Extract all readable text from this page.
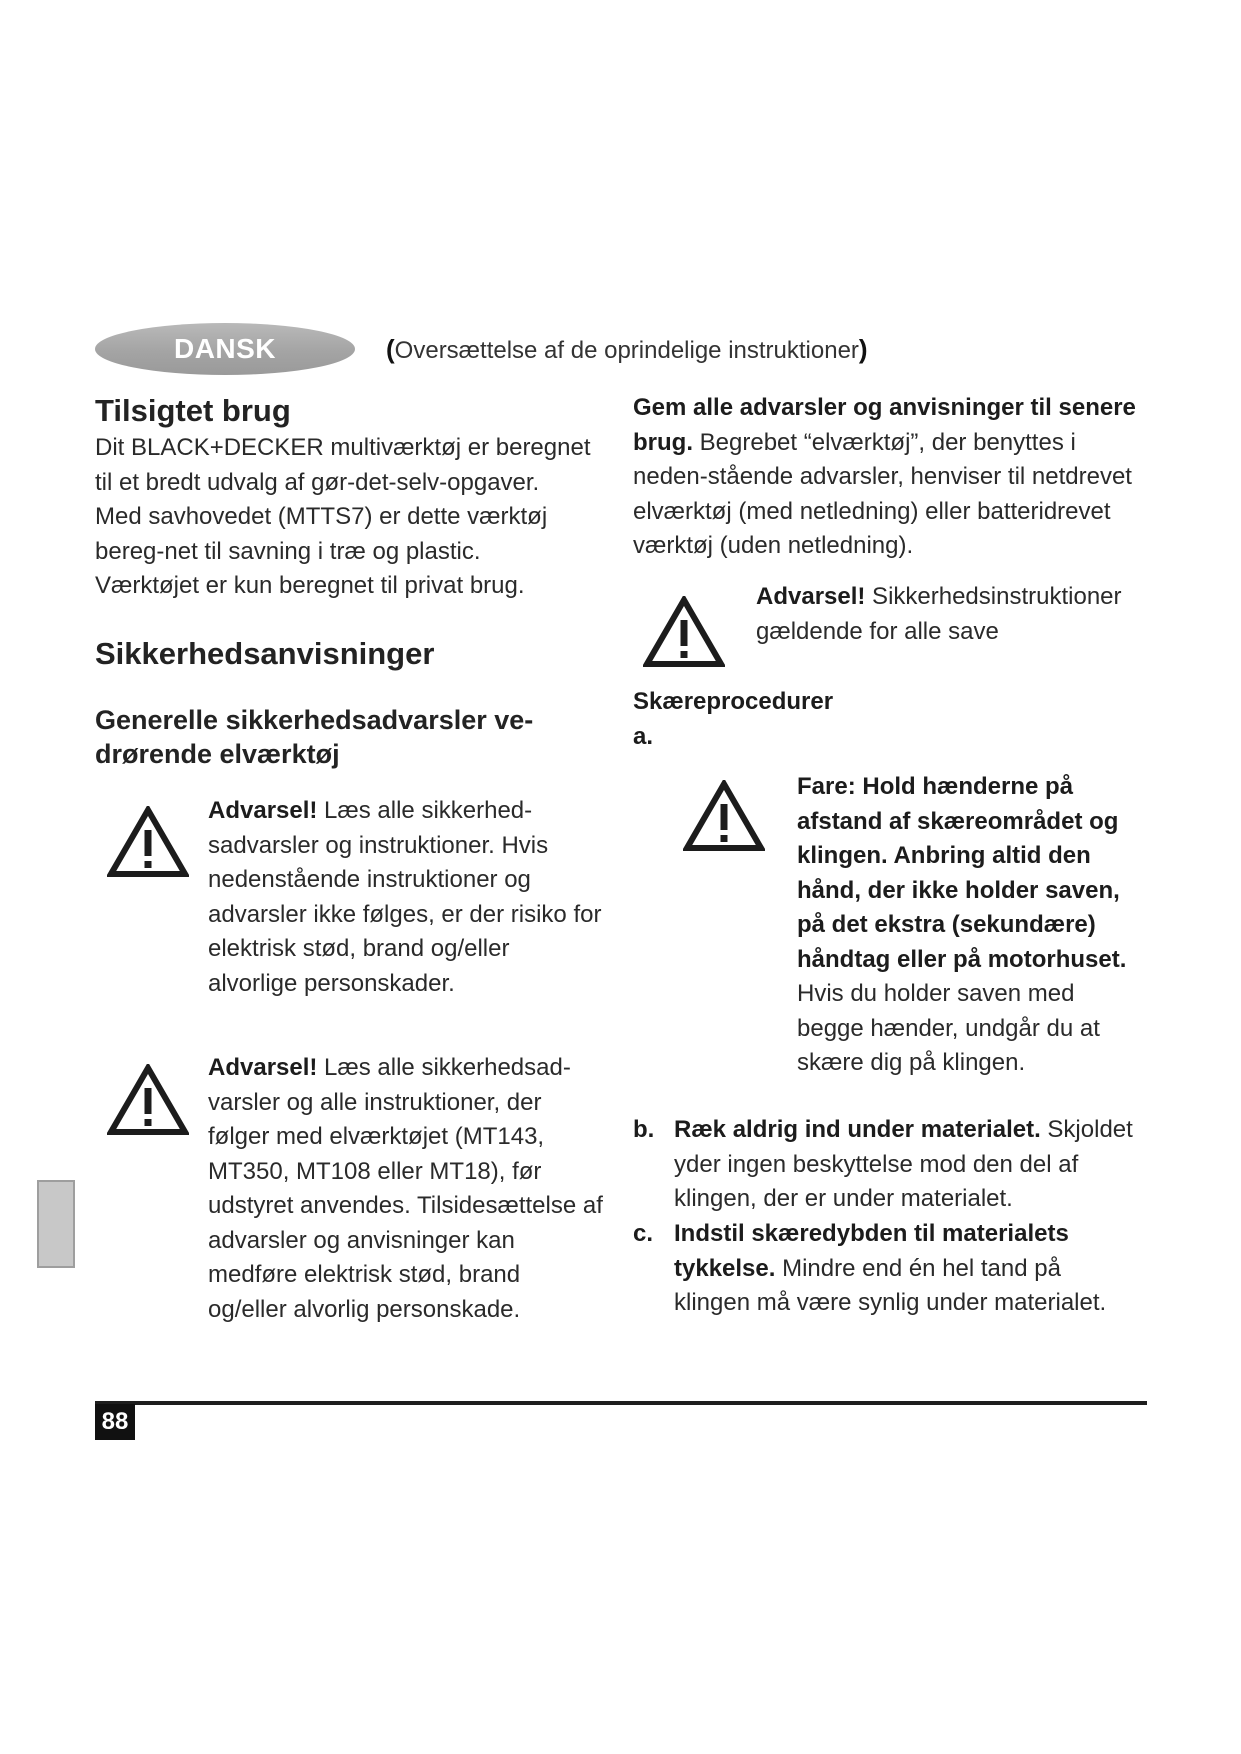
DANSK	(Oversættelse af de oprindelige instruktioner)
Tilsigtet brug

Dit BLACK+DECKER multiværktøj er beregnet til et bredt udvalg af gør-det-selv-opgaver.

Med savhovedet (MTTS7) er dette værktøj bereg-net til savning i træ og plastic.

Værktøjet er kun beregnet til privat brug.

Sikkerhedsanvisninger
Generelle sikkerhedsadvarsler ve-drørende elværktøj
Advarsel! Læs alle sikkerhed-sadvarsler og instruktioner. Hvis nedenstående instruktioner og advarsler ikke følges, er der risiko for elektrisk stød, brand og/eller alvorlige personskader.
Advarsel! Læs alle sikkerhedsad-varsler og alle instruktioner, der følger med elværktøjet (MT143, MT350, MT108 eller MT18), før udstyret anvendes. Tilsidesættelse af advarsler og anvisninger kan medføre elektrisk stød, brand og/eller alvorlig personskade.
Gem alle advarsler og anvisninger til senere brug. Begrebet “elværktøj”, der benyttes i neden-stående advarsler, henviser til netdrevet elværktøj (med netledning) eller batteridrevet værktøj (uden netledning).
Advarsel! Sikkerhedsinstruktioner gældende for alle save
Skæreprocedurer
a.
Fare: Hold hænderne på afstand af skæreområdet og klingen. Anbring altid den hånd, der ikke holder saven, på det ekstra (sekundære) håndtag eller på motorhuset. Hvis du holder saven med begge hænder, undgår du at skære dig på klingen.
b. Ræk aldrig ind under materialet. Skjoldet yder ingen beskyttelse mod den del af klingen, der er under materialet.
c. Indstil skæredybden til materialets tykkelse. Mindre end én hel tand på klingen må være synlig under materialet.
88
